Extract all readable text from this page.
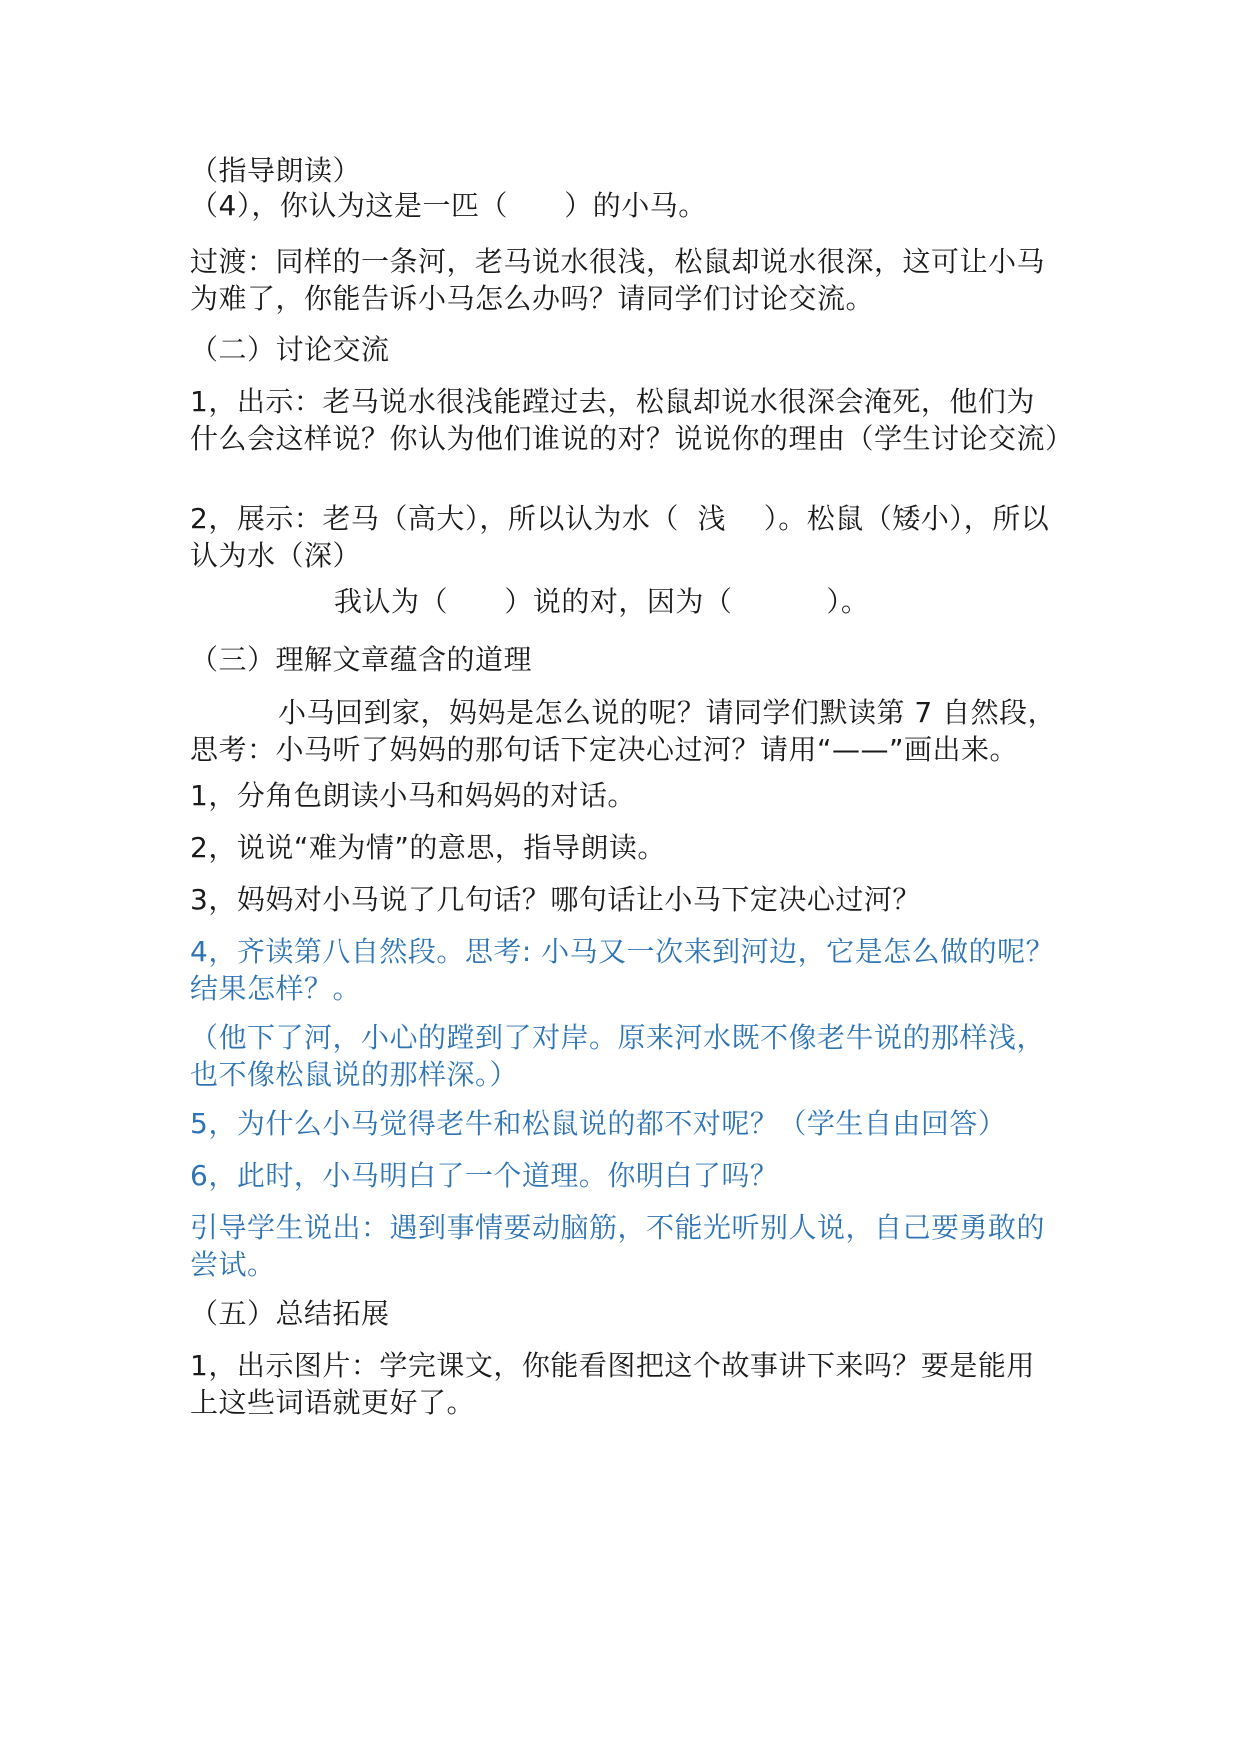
（指导朗读）
（4），你认为这是一匹（      ）的小马。
过渡：同样的一条河，老马说水很浅，松鼠却说水很深，这可让小马为难了，你能告诉小马怎么办吗？请同学们讨论交流。
（二）讨论交流
1，出示：老马说水很浅能蹚过去，松鼠却说水很深会淹死，他们为什么会这样说？你认为他们谁说的对？说说你的理由（学生讨论交流）
2，展示：老马（高大），所以认为水（  浅    ）。松鼠（矮小），所以认为水（深）
我认为（      ）说的对，因为（          ）。
（三）理解文章蕴含的道理
小马回到家，妈妈是怎么说的呢？请同学们默读第 7 自然段，思考：小马听了妈妈的那句话下定决心过河？请用“——”画出来。
1，分角色朗读小马和妈妈的对话。
2，说说“难为情”的意思，指导朗读。
3，妈妈对小马说了几句话？哪句话让小马下定决心过河？
4，齐读第八自然段。思考: 小马又一次来到河边，它是怎么做的呢？结果怎样？。
（他下了河，小心的蹚到了对岸。原来河水既不像老牛说的那样浅，也不像松鼠说的那样深。）
5，为什么小马觉得老牛和松鼠说的都不对呢？（学生自由回答）
6，此时，小马明白了一个道理。你明白了吗？
引导学生说出：遇到事情要动脑筋，不能光听别人说，自己要勇敢的尝试。
（五）总结拓展
1，出示图片：学完课文，你能看图把这个故事讲下来吗？要是能用上这些词语就更好了。
